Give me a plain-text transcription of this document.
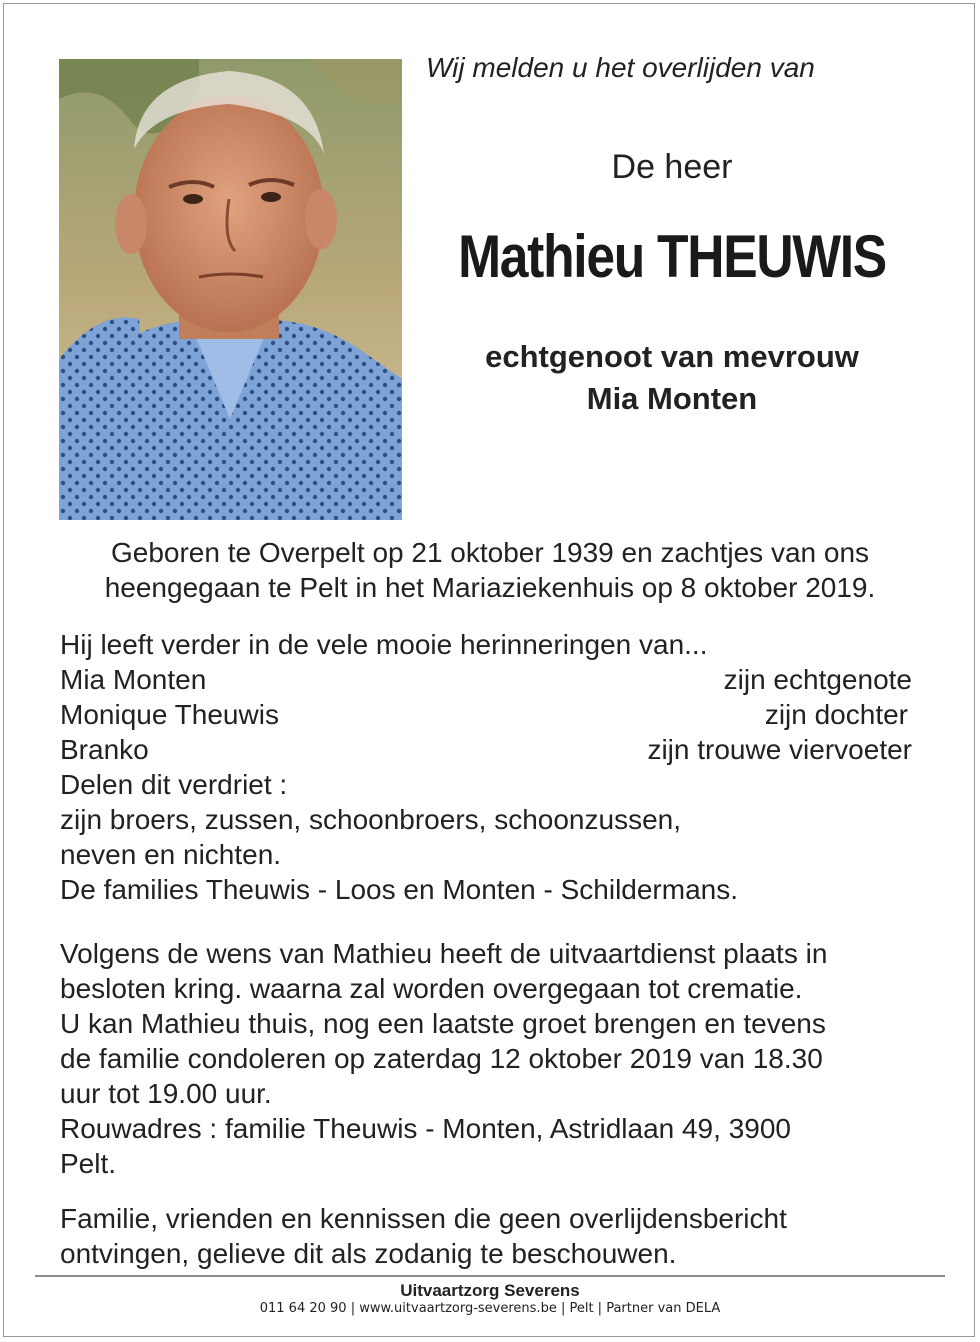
Wij melden u het overlijden van
De heer
Mathieu THEUWIS
echtgenoot van mevrouw
Mia Monten
Geboren te Overpelt op 21 oktober 1939 en zachtjes van ons
heengegaan te Pelt in het Mariaziekenhuis op 8 oktober 2019.
Hij leeft verder in de vele mooie herinneringen van...
Mia Monten	zijn echtgenote
Monique Theuwis	zijn dochter
Branko	zijn trouwe viervoeter
Delen dit verdriet :
zijn broers, zussen, schoonbroers, schoonzussen,
neven en nichten.
De families Theuwis - Loos en Monten - Schildermans.
Volgens de wens van Mathieu heeft de uitvaartdienst plaats in
besloten kring. waarna zal worden overgegaan tot crematie.
U kan Mathieu thuis, nog een laatste groet brengen en tevens
de familie condoleren op zaterdag 12 oktober 2019 van 18.30
uur tot 19.00 uur.
Rouwadres : familie Theuwis - Monten, Astridlaan 49, 3900
Pelt.
Familie, vrienden en kennissen die geen overlijdensbericht
ontvingen, gelieve dit als zodanig te beschouwen.
Uitvaartzorg Severens
011 64 20 90 | www.uitvaartzorg-severens.be | Pelt | Partner van DELA
